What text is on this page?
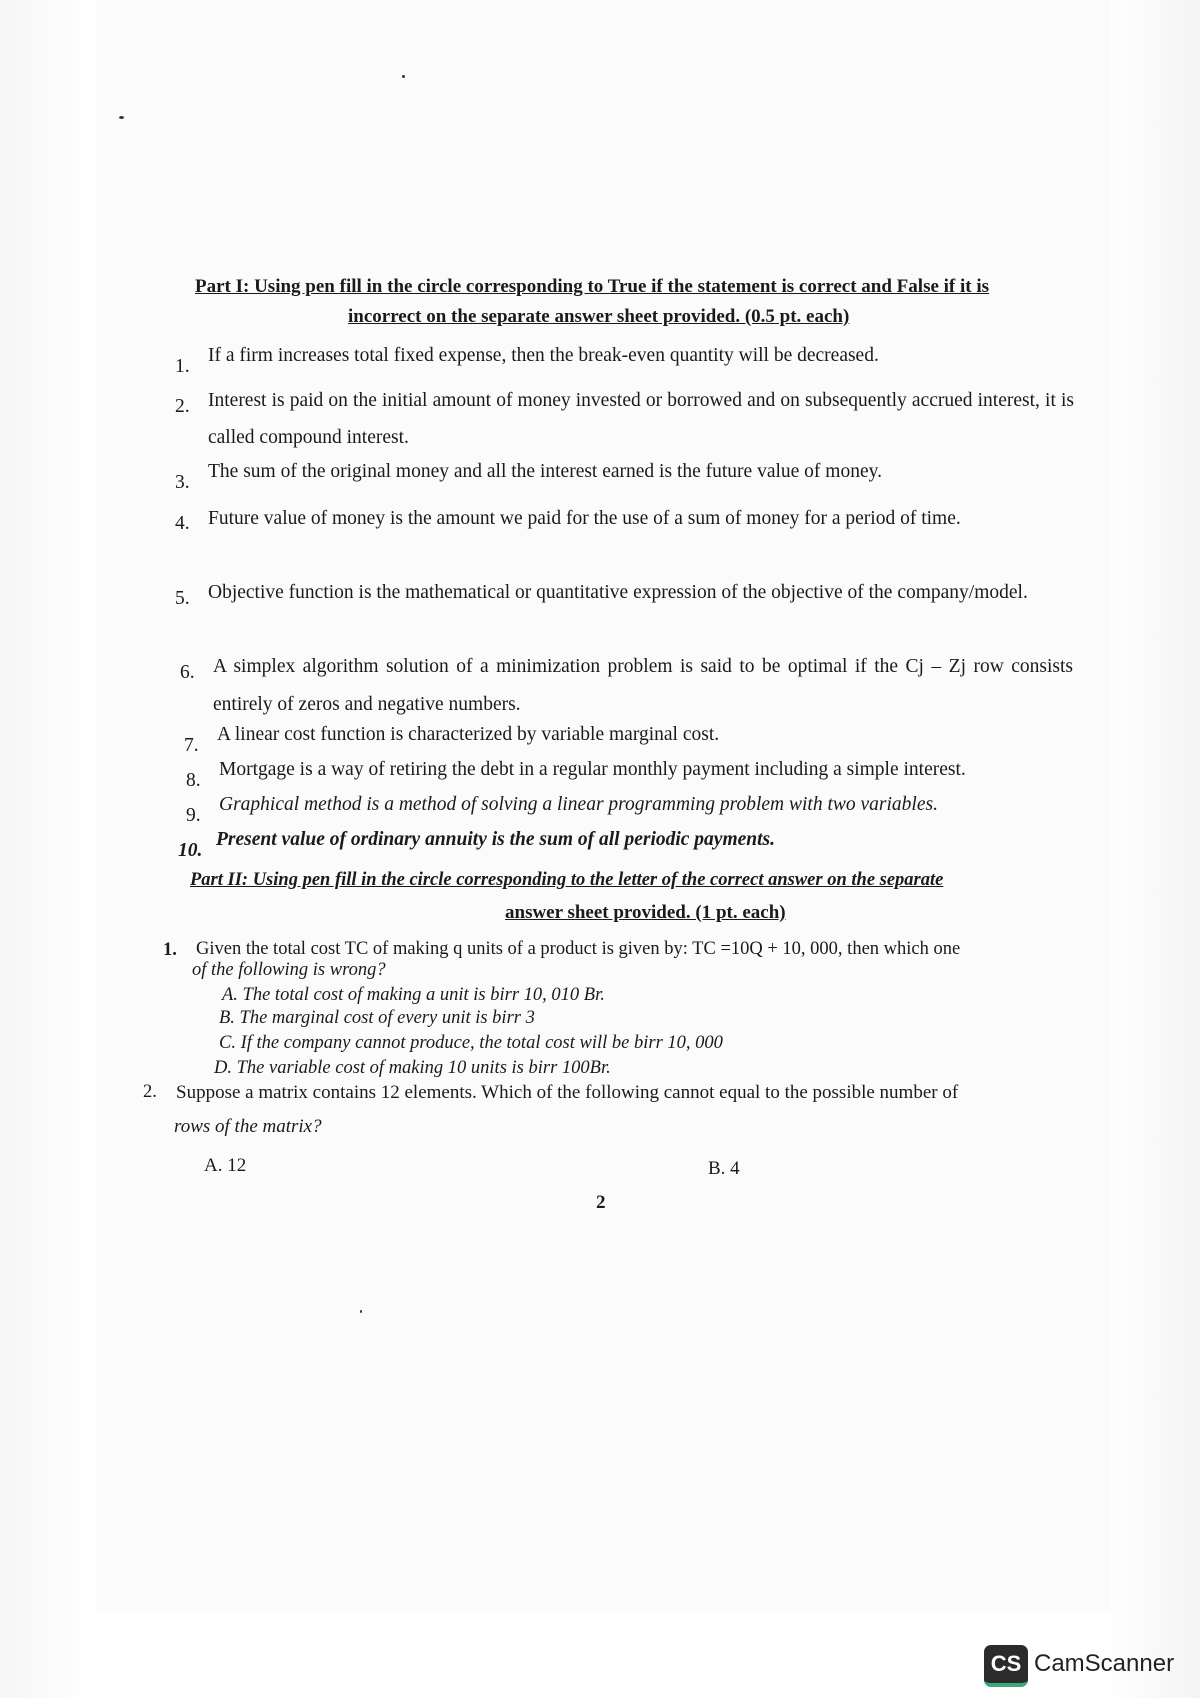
Part I: Using pen fill in the circle corresponding to True if the statement is correct and False if it is
incorrect on the separate answer sheet provided. (0.5 pt. each)
1.
If a firm increases total fixed expense, then the break-even quantity will be decreased.
2. Interest is paid on the initial amount of money invested or borrowed and on subsequently accrued interest, it is called compound interest.
3.
The sum of the original money and all the interest earned is the future value of money.
4. Future value of money is the amount we paid for the use of a sum of money for a period of time.
5. Objective function is the mathematical or quantitative expression of the objective of the company/model.
6. A simplex algorithm solution of a minimization problem is said to be optimal if the Cj – Zj row consists entirely of zeros and negative numbers.
7.
A linear cost function is characterized by variable marginal cost.
8.
Mortgage is a way of retiring the debt in a regular monthly payment including a simple interest.
9.
Graphical method is a method of solving a linear programming problem with two variables.
10.
Present value of ordinary annuity is the sum of all periodic payments.
Part II: Using pen fill in the circle corresponding to the letter of the correct answer on the separate
answer sheet provided. (1 pt. each)
1. Given the total cost TC of making q units of a product is given by: TC =10Q + 10, 000, then which one
of the following is wrong?
A. The total cost of making a unit is birr 10, 010 Br.
B. The marginal cost of every unit is birr 3
C. If the company cannot produce, the total cost will be birr 10, 000
D. The variable cost of making 10 units is birr 100Br.
2. Suppose a matrix contains 12 elements. Which of the following cannot equal to the possible number of
rows of the matrix?
A. 12	B. 4
2
CS CamScanner
